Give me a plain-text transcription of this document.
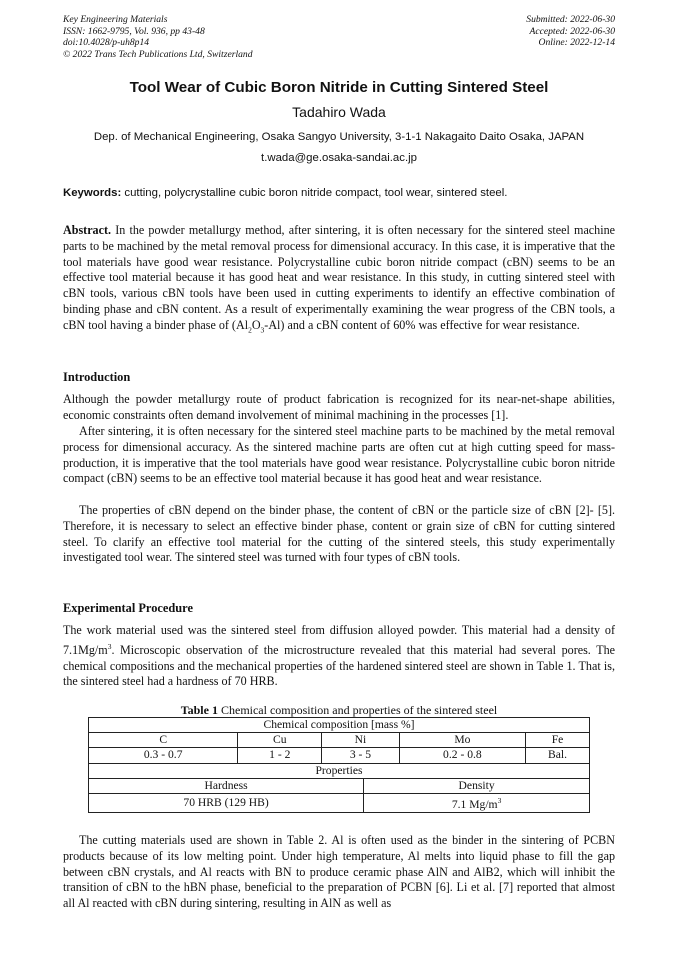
Key Engineering Materials
ISSN: 1662-9795, Vol. 936, pp 43-48
doi:10.4028/p-uh8p14
© 2022 Trans Tech Publications Ltd, Switzerland
Submitted: 2022-06-30
Accepted: 2022-06-30
Online: 2022-12-14
Tool Wear of Cubic Boron Nitride in Cutting Sintered Steel
Tadahiro Wada
Dep. of Mechanical Engineering, Osaka Sangyo University, 3-1-1 Nakagaito Daito Osaka, JAPAN
t.wada@ge.osaka-sandai.ac.jp
Keywords: cutting, polycrystalline cubic boron nitride compact, tool wear, sintered steel.

Abstract. In the powder metallurgy method, after sintering, it is often necessary for the sintered steel machine parts to be machined by the metal removal process for dimensional accuracy. In this case, it is imperative that the tool materials have good wear resistance. Polycrystalline cubic boron nitride compact (cBN) seems to be an effective tool material because it has good heat and wear resistance. In this study, in cutting sintered steel with cBN tools, various cBN tools have been used in cutting experiments to identify an effective combination of binding phase and cBN content. As a result of experimentally examining the wear progress of the CBN tools, a cBN tool having a binder phase of $(Al_2O_3-Al)$ and a cBN content of 60% was effective for wear resistance.

Introduction

Although the powder metallurgy route of product fabrication is recognized for its near-net-shape abilities, economic constraints often demand involvement of minimal machining in the processes [1].

After sintering, it is often necessary for the sintered steel machine parts to be machined by the metal removal process for dimensional accuracy. As the sintered machine parts are often cut at high cutting speed for mass-production, it is imperative that the tool materials have good wear resistance. Polycrystalline cubic boron nitride compact (cBN) seems to be an effective tool material because it has good heat and wear resistance.

The properties of cBN depend on the binder phase, the content of cBN or the particle size of cBN [2]- [5]. Therefore, it is necessary to select an effective binder phase, content or grain size of cBN for cutting sintered steel. To clarify an effective tool material for the cutting of the sintered steels, this study experimentally investigated tool wear. The sintered steel was turned with four types of cBN tools.

Experimental Procedure

The work material used was the sintered steel from diffusion alloyed powder. This material had a density of $7.1Mg/m^3$. Microscopic observation of the microstructure revealed that this material had several pores. The chemical compositions and the mechanical properties of the hardened sintered steel are shown in Table 1. That is, the sintered steel had a hardness of 70 HRB.

Table 1 Chemical composition and properties of the sintered steel
Chemical composition [mass %]					
C	Cu	Ni		Mo	Fe
0.3 - 0.7	1 - 2	3 - 5		0.2 - 0.8	Bal.
Properties					
Hardness			Density		
70 HRB (129 HB)			7.1 $Mg/m^3$

The cutting materials used are shown in Table 2. Al is often used as the binder in the sintering of PCBN products because of its low melting point. Under high temperature, Al melts into liquid phase to fill the gap between cBN crystals, and Al reacts with BN to produce ceramic phase AlN and AlB2, which will inhibit the transition of cBN to the hBN phase, beneficial to the preparation of PCBN [6]. Li et al. [7] reported that almost all Al reacted with cBN during sintering, resulting in AlN as well as
